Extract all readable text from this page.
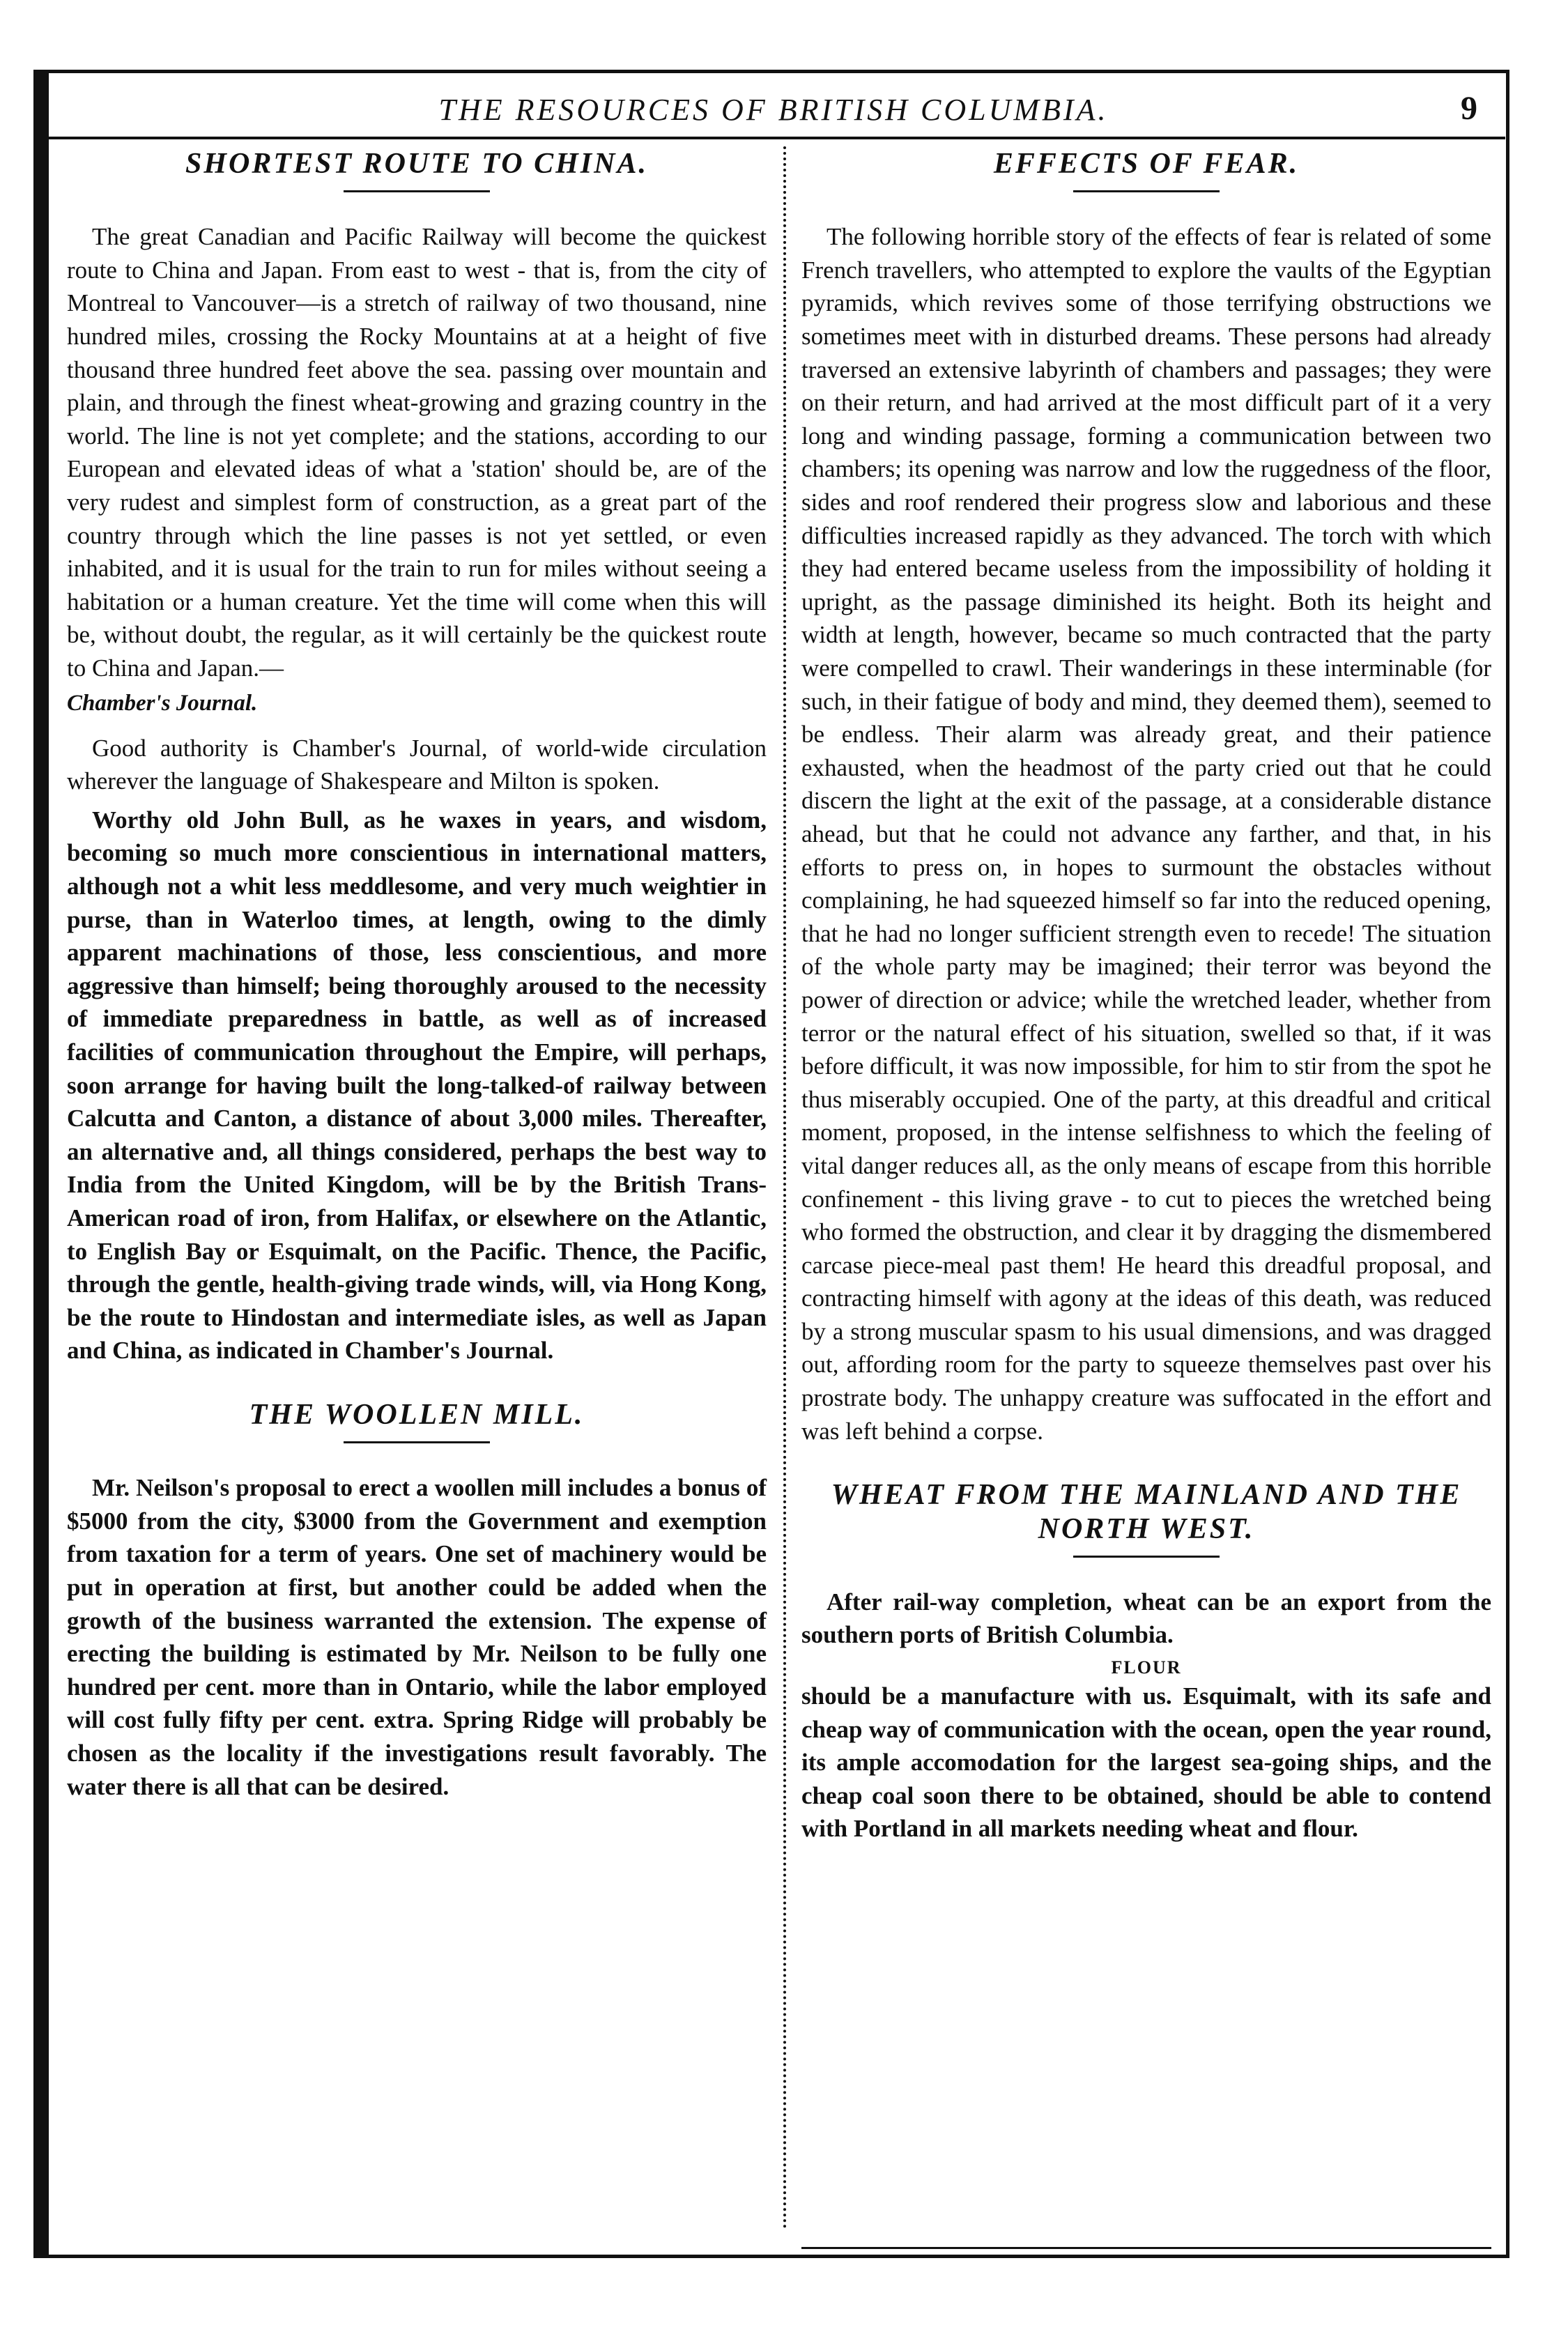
THE RESOURCES OF BRITISH COLUMBIA.	9
SHORTEST ROUTE TO CHINA.

The great Canadian and Pacific Railway will become the quickest route to China and Japan. From east to west - that is, from the city of Montreal to Vancouver—is a stretch of railway of two thousand, nine hundred miles, crossing the Rocky Mountains at at a height of five thousand three hundred feet above the sea. passing over mountain and plain, and through the finest wheat-growing and grazing country in the world. The line is not yet complete; and the stations, according to our European and elevated ideas of what a 'station' should be, are of the very rudest and simplest form of construction, as a great part of the country through which the line passes is not yet settled, or even inhabited, and it is usual for the train to run for miles without seeing a habitation or a human creature. Yet the time will come when this will be, without doubt, the regular, as it will certainly be the quickest route to China and Japan.—

Chamber's Journal.

Good authority is Chamber's Journal, of world-wide circulation wherever the language of Shakespeare and Milton is spoken.

Worthy old John Bull, as he waxes in years, and wisdom, becoming so much more conscientious in international matters, although not a whit less meddlesome, and very much weightier in purse, than in Waterloo times, at length, owing to the dimly apparent machinations of those, less conscientious, and more aggressive than himself; being thoroughly aroused to the necessity of immediate preparedness in battle, as well as of increased facilities of communication throughout the Empire, will perhaps, soon arrange for having built the long-talked-of railway between Calcutta and Canton, a distance of about 3,000 miles. Thereafter, an alternative and, all things considered, perhaps the best way to India from the United Kingdom, will be by the British Trans-American road of iron, from Halifax, or elsewhere on the Atlantic, to English Bay or Esquimalt, on the Pacific. Thence, the Pacific, through the gentle, health-giving trade winds, will, via Hong Kong, be the route to Hindostan and intermediate isles, as well as Japan and China, as indicated in Chamber's Journal.

THE WOOLLEN MILL.

Mr. Neilson's proposal to erect a woollen mill includes a bonus of $5000 from the city, $3000 from the Government and exemption from taxation for a term of years. One set of machinery would be put in operation at first, but another could be added when the growth of the business warranted the extension. The expense of erecting the building is estimated by Mr. Neilson to be fully one hundred per cent. more than in Ontario, while the labor employed will cost fully fifty per cent. extra. Spring Ridge will probably be chosen as the locality if the investigations result favorably. The water there is all that can be desired.

EFFECTS OF FEAR.

The following horrible story of the effects of fear is related of some French travellers, who attempted to explore the vaults of the Egyptian pyramids, which revives some of those terrifying obstructions we sometimes meet with in disturbed dreams. These persons had already traversed an extensive labyrinth of chambers and passages; they were on their return, and had arrived at the most difficult part of it a very long and winding passage, forming a communication between two chambers; its opening was narrow and low the ruggedness of the floor, sides and roof rendered their progress slow and laborious and these difficulties increased rapidly as they advanced. The torch with which they had entered became useless from the impossibility of holding it upright, as the passage diminished its height. Both its height and width at length, however, became so much contracted that the party were compelled to crawl. Their wanderings in these interminable (for such, in their fatigue of body and mind, they deemed them), seemed to be endless. Their alarm was already great, and their patience exhausted, when the headmost of the party cried out that he could discern the light at the exit of the passage, at a considerable distance ahead, but that he could not advance any farther, and that, in his efforts to press on, in hopes to surmount the obstacles without complaining, he had squeezed himself so far into the reduced opening, that he had no longer sufficient strength even to recede! The situation of the whole party may be imagined; their terror was beyond the power of direction or advice; while the wretched leader, whether from terror or the natural effect of his situation, swelled so that, if it was before difficult, it was now impossible, for him to stir from the spot he thus miserably occupied. One of the party, at this dreadful and critical moment, proposed, in the intense selfishness to which the feeling of vital danger reduces all, as the only means of escape from this horrible confinement - this living grave - to cut to pieces the wretched being who formed the obstruction, and clear it by dragging the dismembered carcase piece-meal past them! He heard this dreadful proposal, and contracting himself with agony at the ideas of this death, was reduced by a strong muscular spasm to his usual dimensions, and was dragged out, affording room for the party to squeeze themselves past over his prostrate body. The unhappy creature was suffocated in the effort and was left behind a corpse.

WHEAT FROM THE MAINLAND AND THE NORTH WEST.

After rail-way completion, wheat can be an export from the southern ports of British Columbia.

FLOUR

should be a manufacture with us. Esquimalt, with its safe and cheap way of communication with the ocean, open the year round, its ample accomodation for the largest sea-going ships, and the cheap coal soon there to be obtained, should be able to contend with Portland in all markets needing wheat and flour.
